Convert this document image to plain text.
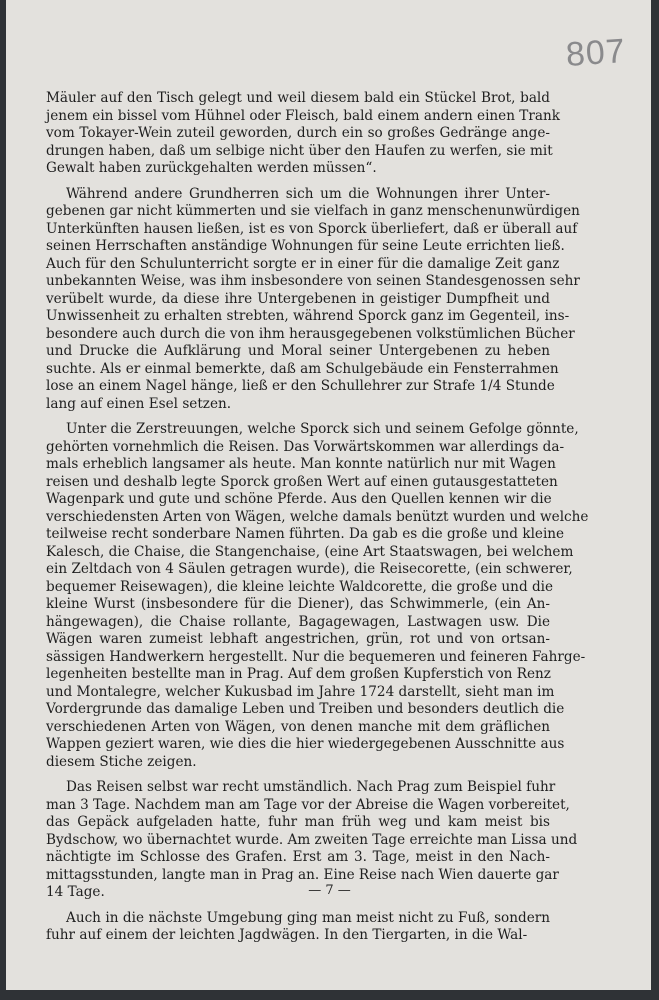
807
Mäuler auf den Tisch gelegt und weil diesem bald ein Stückel Brot, bald
jenem ein bissel vom Hühnel oder Fleisch, bald einem andern einen Trank
vom Tokayer-Wein zuteil geworden, durch ein so großes Gedränge ange-
drungen haben, daß um selbige nicht über den Haufen zu werfen, sie mit
Gewalt haben zurückgehalten werden müssen“.
Während andere Grundherren sich um die Wohnungen ihrer Unter-
gebenen gar nicht kümmerten und sie vielfach in ganz menschenunwürdigen
Unterkünften hausen ließen, ist es von Sporck überliefert, daß er überall auf
seinen Herrschaften anständige Wohnungen für seine Leute errichten ließ.
Auch für den Schulunterricht sorgte er in einer für die damalige Zeit ganz
unbekannten Weise, was ihm insbesondere von seinen Standesgenossen sehr
verübelt wurde, da diese ihre Untergebenen in geistiger Dumpfheit und
Unwissenheit zu erhalten strebten, während Sporck ganz im Gegenteil, ins-
besondere auch durch die von ihm herausgegebenen volkstümlichen Bücher
und Drucke die Aufklärung und Moral seiner Untergebenen zu heben
suchte. Als er einmal bemerkte, daß am Schulgebäude ein Fensterrahmen
lose an einem Nagel hänge, ließ er den Schullehrer zur Strafe 1/4 Stunde
lang auf einen Esel setzen.
Unter die Zerstreuungen, welche Sporck sich und seinem Gefolge gönnte,
gehörten vornehmlich die Reisen. Das Vorwärtskommen war allerdings da-
mals erheblich langsamer als heute. Man konnte natürlich nur mit Wagen
reisen und deshalb legte Sporck großen Wert auf einen gutausgestatteten
Wagenpark und gute und schöne Pferde. Aus den Quellen kennen wir die
verschiedensten Arten von Wägen, welche damals benützt wurden und welche
teilweise recht sonderbare Namen führten. Da gab es die große und kleine
Kalesch, die Chaise, die Stangenchaise, (eine Art Staatswagen, bei welchem
ein Zeltdach von 4 Säulen getragen wurde), die Reisecorette, (ein schwerer,
bequemer Reisewagen), die kleine leichte Waldcorette, die große und die
kleine Wurst (insbesondere für die Diener), das Schwimmerle, (ein An-
hängewagen), die Chaise rollante, Bagagewagen, Lastwagen usw. Die
Wägen waren zumeist lebhaft angestrichen, grün, rot und von ortsan-
sässigen Handwerkern hergestellt. Nur die bequemeren und feineren Fahrge-
legenheiten bestellte man in Prag. Auf dem großen Kupferstich von Renz
und Montalegre, welcher Kukusbad im Jahre 1724 darstellt, sieht man im
Vordergrunde das damalige Leben und Treiben und besonders deutlich die
verschiedenen Arten von Wägen, von denen manche mit dem gräflichen
Wappen geziert waren, wie dies die hier wiedergegebenen Ausschnitte aus
diesem Stiche zeigen.
Das Reisen selbst war recht umständlich. Nach Prag zum Beispiel fuhr
man 3 Tage. Nachdem man am Tage vor der Abreise die Wagen vorbereitet,
das Gepäck aufgeladen hatte, fuhr man früh weg und kam meist bis
Bydschow, wo übernachtet wurde. Am zweiten Tage erreichte man Lissa und
nächtigte im Schlosse des Grafen. Erst am 3. Tage, meist in den Nach-
mittagsstunden, langte man in Prag an. Eine Reise nach Wien dauerte gar
14 Tage.
Auch in die nächste Umgebung ging man meist nicht zu Fuß, sondern
fuhr auf einem der leichten Jagdwägen. In den Tiergarten, in die Wal-
— 7 —
